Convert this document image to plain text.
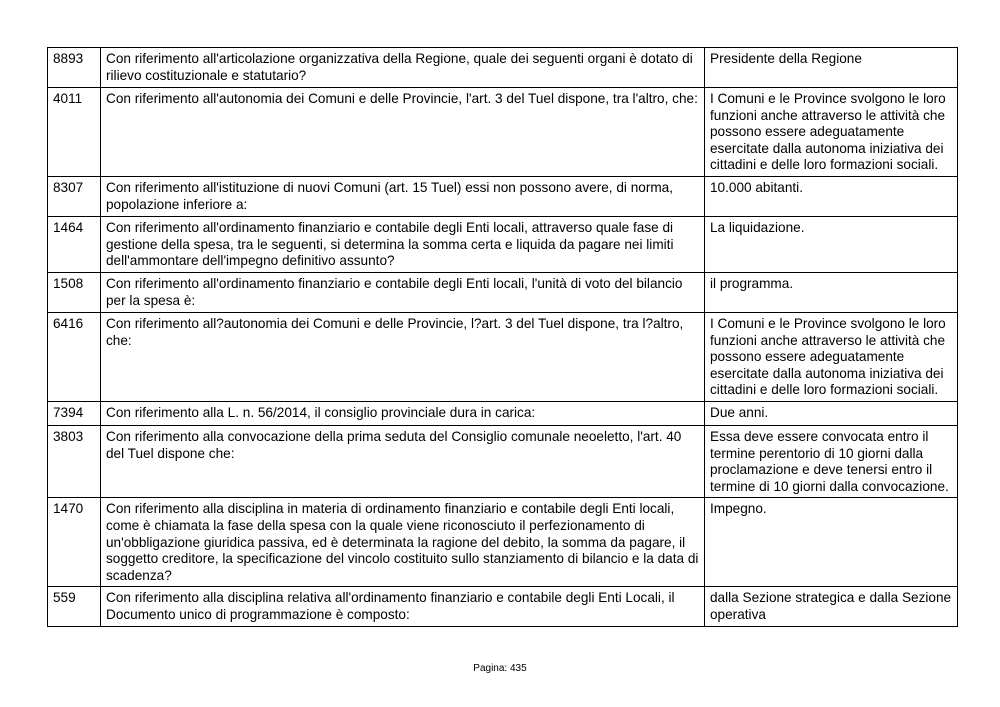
8893	Con riferimento all'articolazione organizzativa della Regione, quale dei seguenti organi è dotato di rilievo costituzionale e statutario?	Presidente della Regione
4011	Con riferimento all'autonomia dei Comuni e delle Provincie, l'art. 3 del Tuel dispone, tra l'altro, che:	I Comuni e le Province svolgono le loro funzioni anche attraverso le attività che possono essere adeguatamente esercitate dalla autonoma iniziativa dei cittadini e delle loro formazioni sociali.
8307	Con riferimento all'istituzione di nuovi Comuni (art. 15 Tuel) essi non possono avere, di norma, popolazione inferiore a:	10.000 abitanti.
1464	Con riferimento all'ordinamento finanziario e contabile degli Enti locali, attraverso quale fase di gestione della spesa, tra le seguenti, si determina la somma certa e liquida da pagare nei limiti dell'ammontare dell'impegno definitivo assunto?	La liquidazione.
1508	Con riferimento all'ordinamento finanziario e contabile degli Enti locali, l'unità di voto del bilancio per la spesa è:	il programma.
6416	Con riferimento all?autonomia dei Comuni e delle Provincie, l?art. 3 del Tuel dispone, tra l?altro, che:	I Comuni e le Province svolgono le loro funzioni anche attraverso le attività che possono essere adeguatamente esercitate dalla autonoma iniziativa dei cittadini e delle loro formazioni sociali.
7394	Con riferimento alla L. n. 56/2014, il consiglio provinciale dura in carica:	Due anni.
3803	Con riferimento alla convocazione della prima seduta del Consiglio comunale neoeletto, l'art. 40 del Tuel dispone che:	Essa deve essere convocata entro il termine perentorio di 10 giorni dalla proclamazione e deve tenersi entro il termine di 10 giorni dalla convocazione.
1470	Con riferimento alla disciplina in materia di ordinamento finanziario e contabile degli Enti locali, come è chiamata la fase della spesa con la quale viene riconosciuto il perfezionamento di un'obbligazione giuridica passiva, ed è determinata la ragione del debito, la somma da pagare, il soggetto creditore, la specificazione del vincolo costituito sullo stanziamento di bilancio e la data di scadenza?	Impegno.
559	Con riferimento alla disciplina relativa all'ordinamento finanziario e contabile degli Enti Locali, il Documento unico di programmazione è composto:	dalla Sezione strategica e dalla Sezione operativa
Pagina: 435
